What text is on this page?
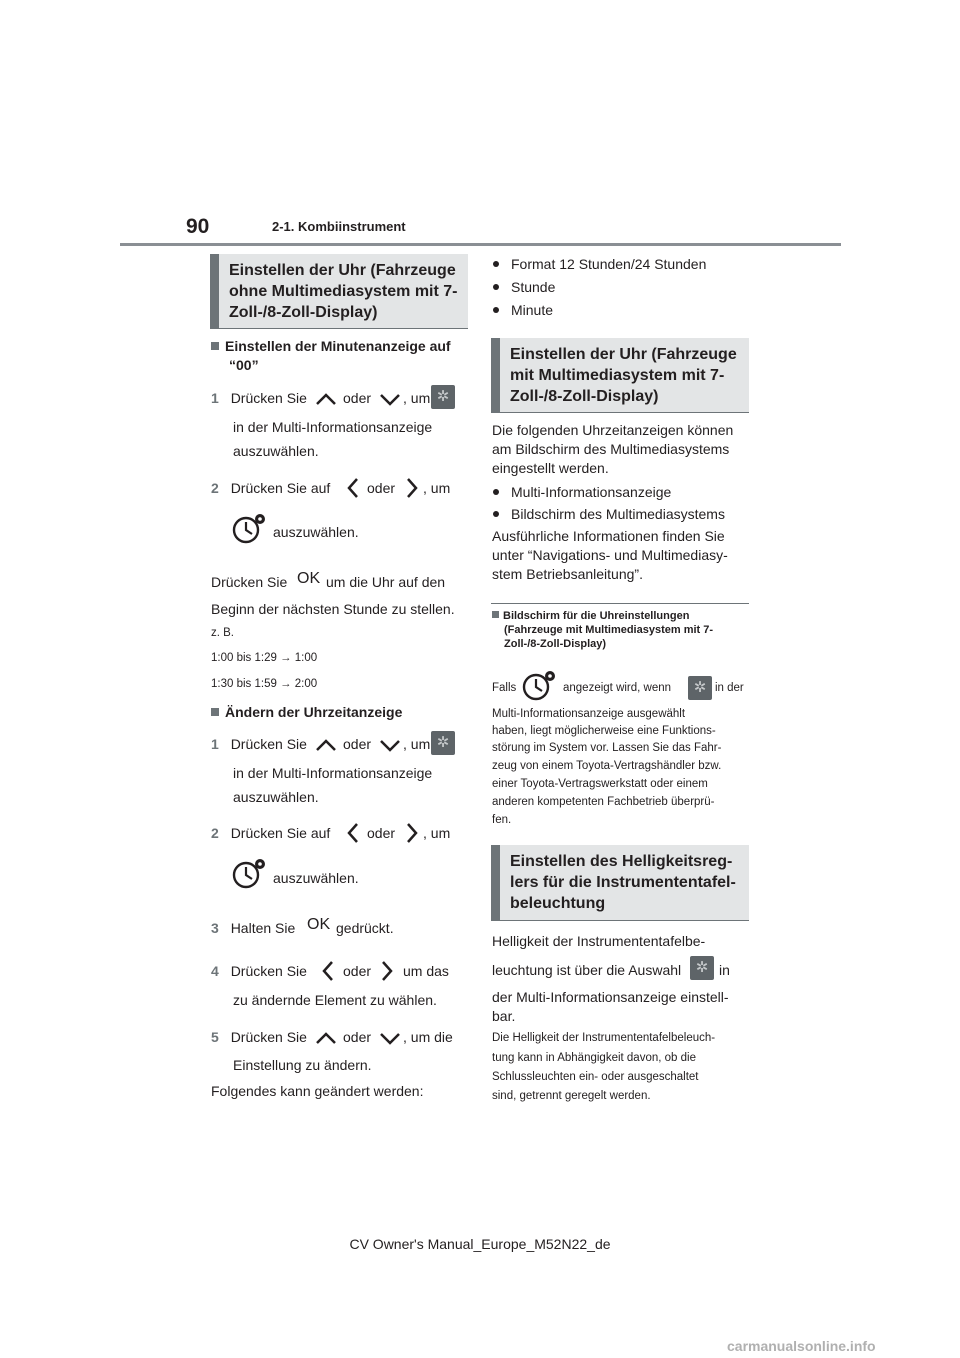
90	2-1. Kombiinstrument
Einstellen der Uhr (Fahrzeuge
ohne Multimediasystem mit 7-
Zoll-/8-Zoll-Display)
Einstellen der Minutenanzeige auf
“00”
1 Drücken Sie	oder , um ✲
in der Multi-Informationsanzeige
auszuwählen.
2 Drücken Sie auf	oder , um
auszuwählen.
Drücken Sie OK um die Uhr auf den
Beginn der nächsten Stunde zu stellen.
z. B.
1:00 bis 1:29 → 1:00
1:30 bis 1:59 → 2:00
Ändern der Uhrzeitanzeige
1 Drücken Sie	oder , um ✲
in der Multi-Informationsanzeige
auszuwählen.
2 Drücken Sie auf	oder , um
auszuwählen.
3 Halten Sie OK gedrückt.
4 Drücken Sie	oder um das
zu ändernde Element zu wählen.
5 Drücken Sie	oder , um die
Einstellung zu ändern.
Folgendes kann geändert werden:
Format 12 Stunden/24 Stunden
Stunde
Minute
Einstellen der Uhr (Fahrzeuge
mit Multimediasystem mit 7-
Zoll-/8-Zoll-Display)
Die folgenden Uhrzeitanzeigen können
am Bildschirm des Multimediasystems
eingestellt werden.
Multi-Informationsanzeige
Bildschirm des Multimediasystems
Ausführliche Informationen finden Sie
unter “Navigations- und Multimediasy-
stem Betriebsanleitung”.
Bildschirm für die Uhreinstellungen
(Fahrzeuge mit Multimediasystem mit 7-
Zoll-/8-Zoll-Display)
Falls	angezeigt wird, wenn	✲ in der
Multi-Informationsanzeige ausgewählt
haben, liegt möglicherweise eine Funktions-
störung im System vor. Lassen Sie das Fahr-
zeug von einem Toyota-Vertragshändler bzw.
einer Toyota-Vertragswerkstatt oder einem
anderen kompetenten Fachbetrieb überprü-
fen.
Einstellen des Helligkeitsreg-
lers für die Instrumententafel-
beleuchtung
Helligkeit der Instrumententafelbe-
leuchtung ist über die Auswahl ✲ in
der Multi-Informationsanzeige einstell-
bar.
Die Helligkeit der Instrumententafelbeleuch-
tung kann in Abhängigkeit davon, ob die
Schlussleuchten ein- oder ausgeschaltet
sind, getrennt geregelt werden.
CV Owner's Manual_Europe_M52N22_de
carmanualsonline.info
